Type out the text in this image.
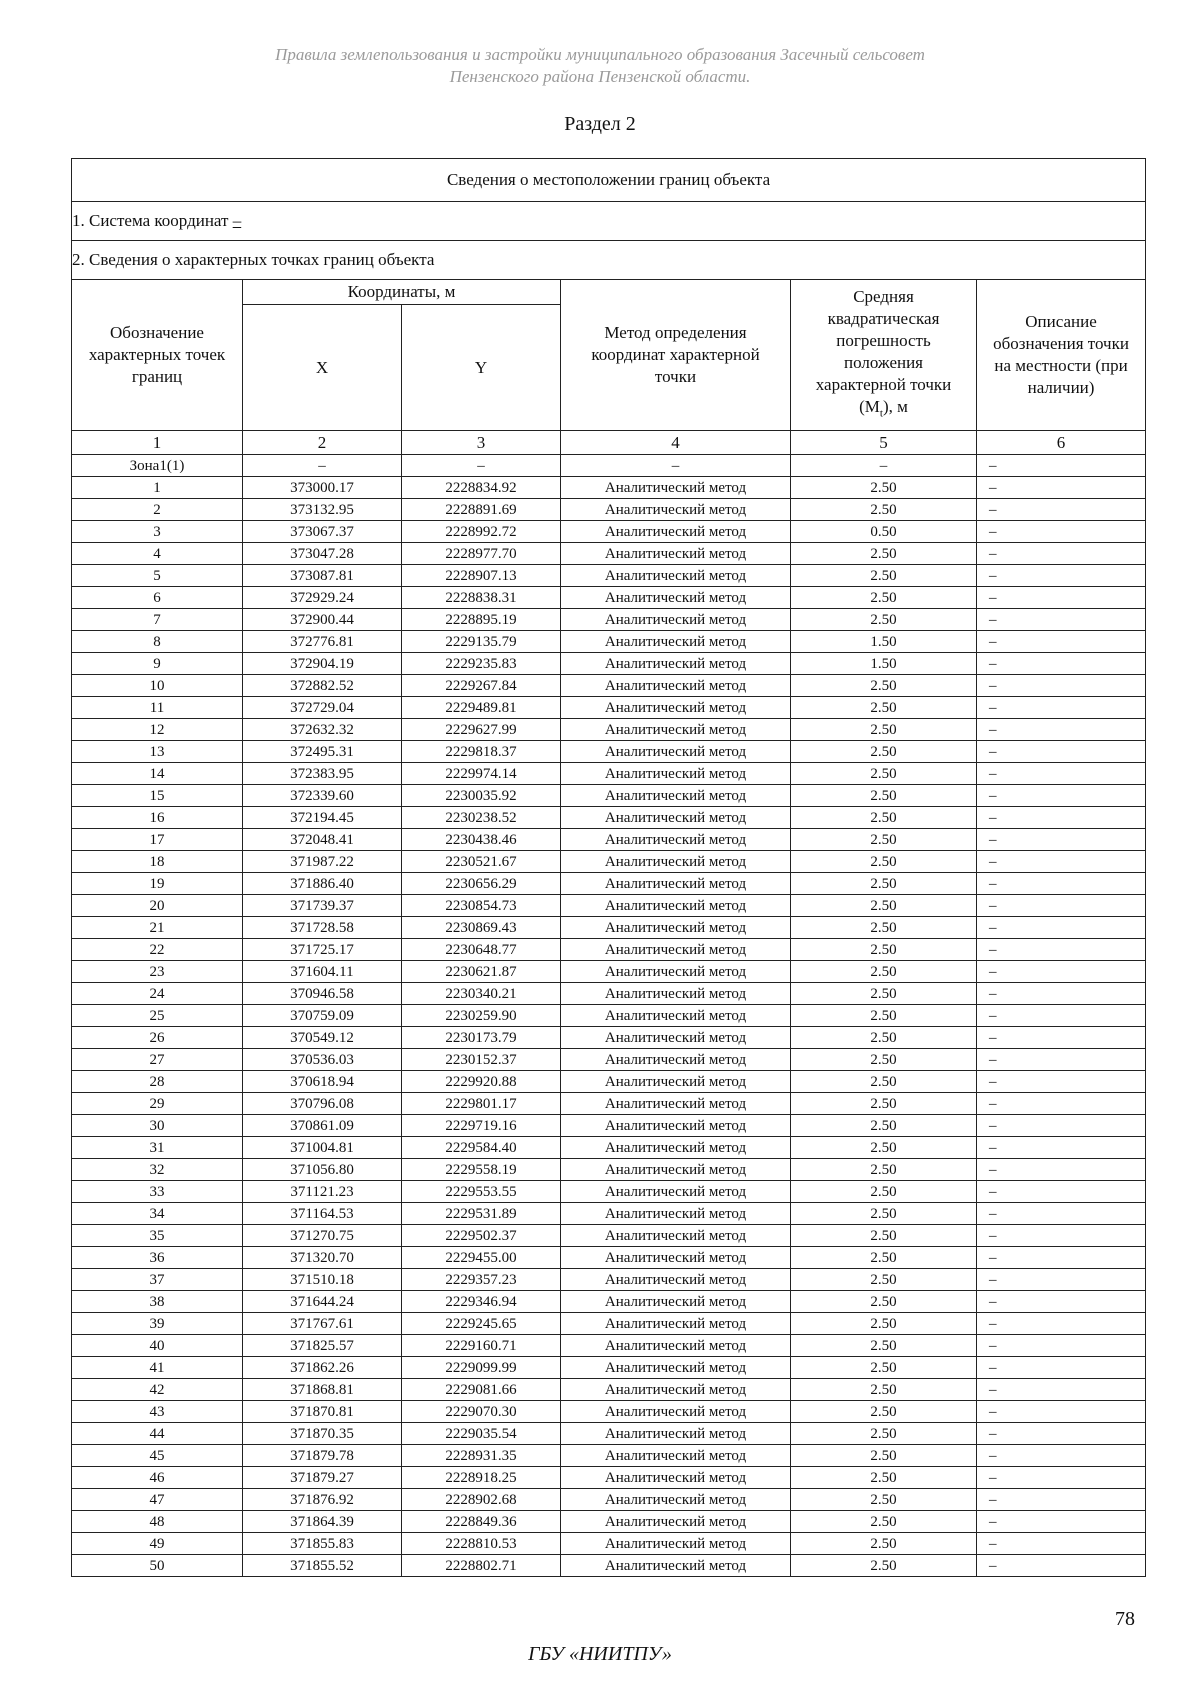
Правила землепользования и застройки муниципального образования Засечный сельсовет
Пензенского района Пензенской области.
Раздел 2
Сведения о местоположении границ объекта					
1. Система координат –					
2. Сведения о характерных точках границ объекта					
Обозначение характерных точек границ	Координаты, м		Метод определения координат характерной точки	Средняя квадратическая погрешность положения характерной точки $(M_t)$, м	Описание обозначения точки на местности (при наличии)
	X	Y			
1	2	3	4	5	6
Зона1(1)	–	–	–	–	–
1	373000.17	2228834.92	Аналитический метод	2.50	–
2	373132.95	2228891.69	Аналитический метод	2.50	–
3	373067.37	2228992.72	Аналитический метод	0.50	–
4	373047.28	2228977.70	Аналитический метод	2.50	–
5	373087.81	2228907.13	Аналитический метод	2.50	–
6	372929.24	2228838.31	Аналитический метод	2.50	–
7	372900.44	2228895.19	Аналитический метод	2.50	–
8	372776.81	2229135.79	Аналитический метод	1.50	–
9	372904.19	2229235.83	Аналитический метод	1.50	–
10	372882.52	2229267.84	Аналитический метод	2.50	–
11	372729.04	2229489.81	Аналитический метод	2.50	–
12	372632.32	2229627.99	Аналитический метод	2.50	–
13	372495.31	2229818.37	Аналитический метод	2.50	–
14	372383.95	2229974.14	Аналитический метод	2.50	–
15	372339.60	2230035.92	Аналитический метод	2.50	–
16	372194.45	2230238.52	Аналитический метод	2.50	–
17	372048.41	2230438.46	Аналитический метод	2.50	–
18	371987.22	2230521.67	Аналитический метод	2.50	–
19	371886.40	2230656.29	Аналитический метод	2.50	–
20	371739.37	2230854.73	Аналитический метод	2.50	–
21	371728.58	2230869.43	Аналитический метод	2.50	–
22	371725.17	2230648.77	Аналитический метод	2.50	–
23	371604.11	2230621.87	Аналитический метод	2.50	–
24	370946.58	2230340.21	Аналитический метод	2.50	–
25	370759.09	2230259.90	Аналитический метод	2.50	–
26	370549.12	2230173.79	Аналитический метод	2.50	–
27	370536.03	2230152.37	Аналитический метод	2.50	–
28	370618.94	2229920.88	Аналитический метод	2.50	–
29	370796.08	2229801.17	Аналитический метод	2.50	–
30	370861.09	2229719.16	Аналитический метод	2.50	–
31	371004.81	2229584.40	Аналитический метод	2.50	–
32	371056.80	2229558.19	Аналитический метод	2.50	–
33	371121.23	2229553.55	Аналитический метод	2.50	–
34	371164.53	2229531.89	Аналитический метод	2.50	–
35	371270.75	2229502.37	Аналитический метод	2.50	–
36	371320.70	2229455.00	Аналитический метод	2.50	–
37	371510.18	2229357.23	Аналитический метод	2.50	–
38	371644.24	2229346.94	Аналитический метод	2.50	–
39	371767.61	2229245.65	Аналитический метод	2.50	–
40	371825.57	2229160.71	Аналитический метод	2.50	–
41	371862.26	2229099.99	Аналитический метод	2.50	–
42	371868.81	2229081.66	Аналитический метод	2.50	–
43	371870.81	2229070.30	Аналитический метод	2.50	–
44	371870.35	2229035.54	Аналитический метод	2.50	–
45	371879.78	2228931.35	Аналитический метод	2.50	–
46	371879.27	2228918.25	Аналитический метод	2.50	–
47	371876.92	2228902.68	Аналитический метод	2.50	–
48	371864.39	2228849.36	Аналитический метод	2.50	–
49	371855.83	2228810.53	Аналитический метод	2.50	–
50	371855.52	2228802.71	Аналитический метод	2.50	–
78
ГБУ «НИИТПУ»
